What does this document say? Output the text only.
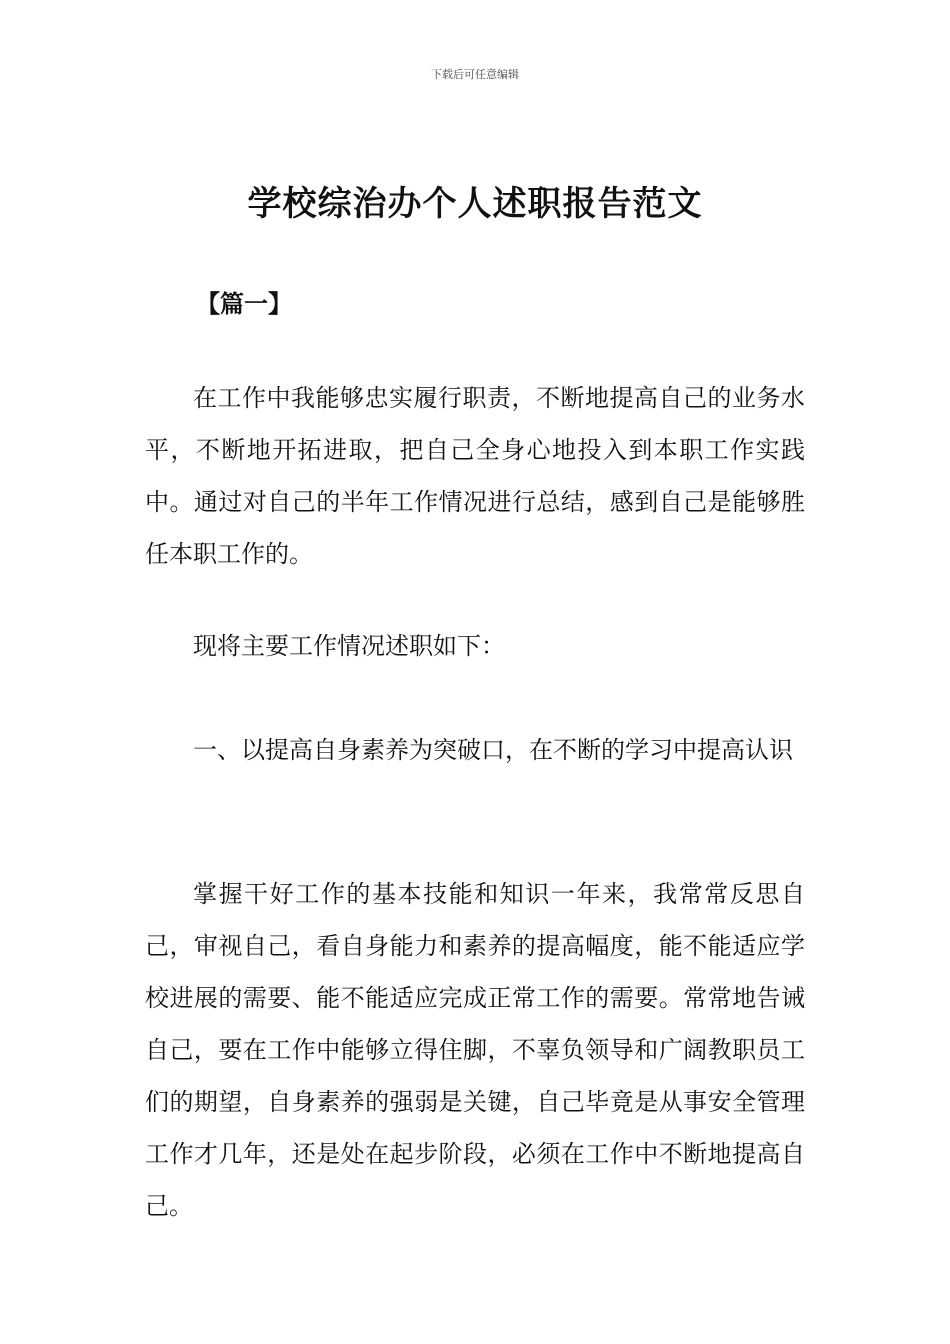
下载后可任意编辑
学校综治办个人述职报告范文
【篇一】

在工作中我能够忠实履行职责，不断地提高自己的业务水平，不断地开拓进取，把自己全身心地投入到本职工作实践中。通过对自己的半年工作情况进行总结，感到自己是能够胜任本职工作的。

现将主要工作情况述职如下：

一、以提高自身素养为突破口，在不断的学习中提高认识

掌握干好工作的基本技能和知识一年来，我常常反思自己，审视自己，看自身能力和素养的提高幅度，能不能适应学校进展的需要、能不能适应完成正常工作的需要。常常地告诫自己，要在工作中能够立得住脚，不辜负领导和广阔教职员工们的期望，自身素养的强弱是关键，自己毕竟是从事安全管理工作才几年，还是处在起步阶段，必须在工作中不断地提高自己。
